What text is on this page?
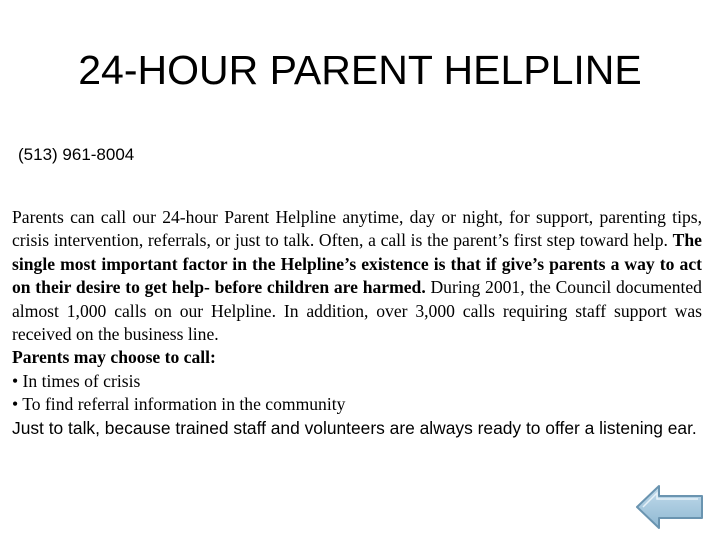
24-HOUR PARENT HELPLINE
(513) 961-8004

Parents can call our 24-hour Parent Helpline anytime, day or night, for support, parenting tips, crisis intervention, referrals, or just to talk. Often, a call is the parent’s first step toward help. The single most important factor in the Helpline’s existence is that if give’s parents a way to act on their desire to get help- before children are harmed. During 2001, the Council documented almost 1,000 calls on our Helpline. In addition, over 3,000 calls requiring staff support was received on the business line.

Parents may choose to call:

• In times of crisis

• To find referral information in the community

Just to talk, because trained staff and volunteers are always ready to offer a listening ear.
